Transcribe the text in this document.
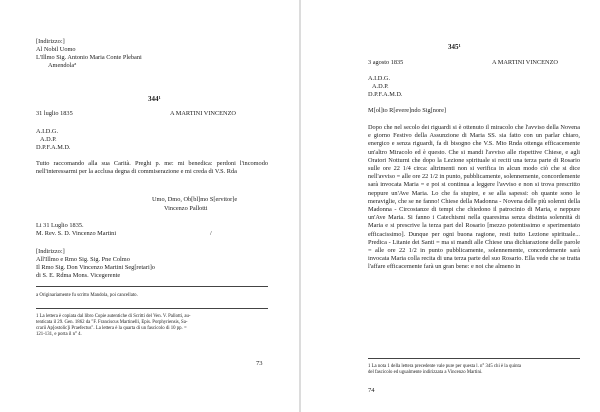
[Indirizzo:]
Al Nobil Uomo
L'Illmo Sig. Antonio Maria Conte Plebani
Amendola$^a$
$344^1$
31 luglio 1835	A MARTINI VINCENZO
A.I.D.G.
A.D.P.
D.P.F.A.M.D.

Tutto raccomando alla sua Carità. Preghi p. me: mi benedica: perdoni l'incomodo nell'interessarmi per la acclusa degna di commiserazione e mi creda di V.S. Rda

Umo, Dmo, Ob[bl]mo S[ervitor]e
Vincenzo Pallotti
Li 31 Luglio 1835.
M. Rev. S. D. Vincenzo Martini	/
[Indirizzo:]
All'Illmo e Rmo Sig. Sig. Pne Colmo
Il Rmo Sig. Don Vincenzo Martini Seg[retari]o
di S. E. Rdma Mons. Vicegerente
a Originariamente fu scritto Mandola, poi cancellato.
1 La lettera è copiata dal libro Copie autentiche di Scritti del Ven. V. Pallotti, au-
tenticata il 29. Gen. 1862 da "F. Franciscus Martinelli, Epis. Porphyriensis, Sa-
crarii Ap[ostolic]i Praefectus". La lettera è la quarta di un fascicolo di 10 pp. =
121-131, e porta il n° 4.
73
$345^1$
3 agosto 1835	A MARTINI VINCENZO
A.I.D.G.
A.D.P.
D.P.F.A.M.D.
M[ol]to R[evere]ndo Sig[nore]

Dopo che nel secolo dei riguardi si è ottenuto il miracolo che l'avviso della Novena e giorno Festivo della Assunzione di Maria SS. sia fatto con un parlar chiaro, energico e senza riguardi, fa di bisogno che V.S. Mto Rnda ottenga efficacemente un'altro Miracolo ed è questo. Che si mandi l'avviso alle rispettive Chiese, e agli Oratori Notturni che dopo la Lezione spirituale si reciti una terza parte di Rosario sulle ore 22 1/4 circa: altrimenti non si verifica in alcun modo ciò che si dice nell'avviso = alle ore 22 1/2 in punto, pubblicamente, solennemente, concordemente sarà invocata Maria = e poi si continua a leggere l'avviso e non si trova prescritto neppure un'Ave Maria. Lo che fa stupire, e se alla sapessi: oh quante sono le meraviglie, che se ne fanno! Chiese della Madonna - Novena delle più solenni della Madonna - Circostanze di tempi che chiedono il patrocinio di Maria, e neppure un'Ave Maria. Si fanno i Catechismi nella quaresima senza distinta solennità di Maria e si prescrive la terza part del Rosario [mezzo potentissimo e sperimentato efficacissimo]. Dunque per ogni buona ragione, resti tutto Lezione spirituale... Predica - Litanie dei Santi = ma si mandi alle Chiese una dichiarazione delle parole = alle ore 22 1/2 in punto pubblicamente, solennemente, concordemente sarà invocata Maria colla recita di una terza parte del suo Rosario. Ella vede che se tratta l'affare efficacemente farà un gran bene: e noi che almeno in

1 La nota 1 della lettera precedente vale pure per questa l. n° 345 chi è la quinta
del fascicolo ed ugualmente indirizzata a Vincenzo Martini.
74
